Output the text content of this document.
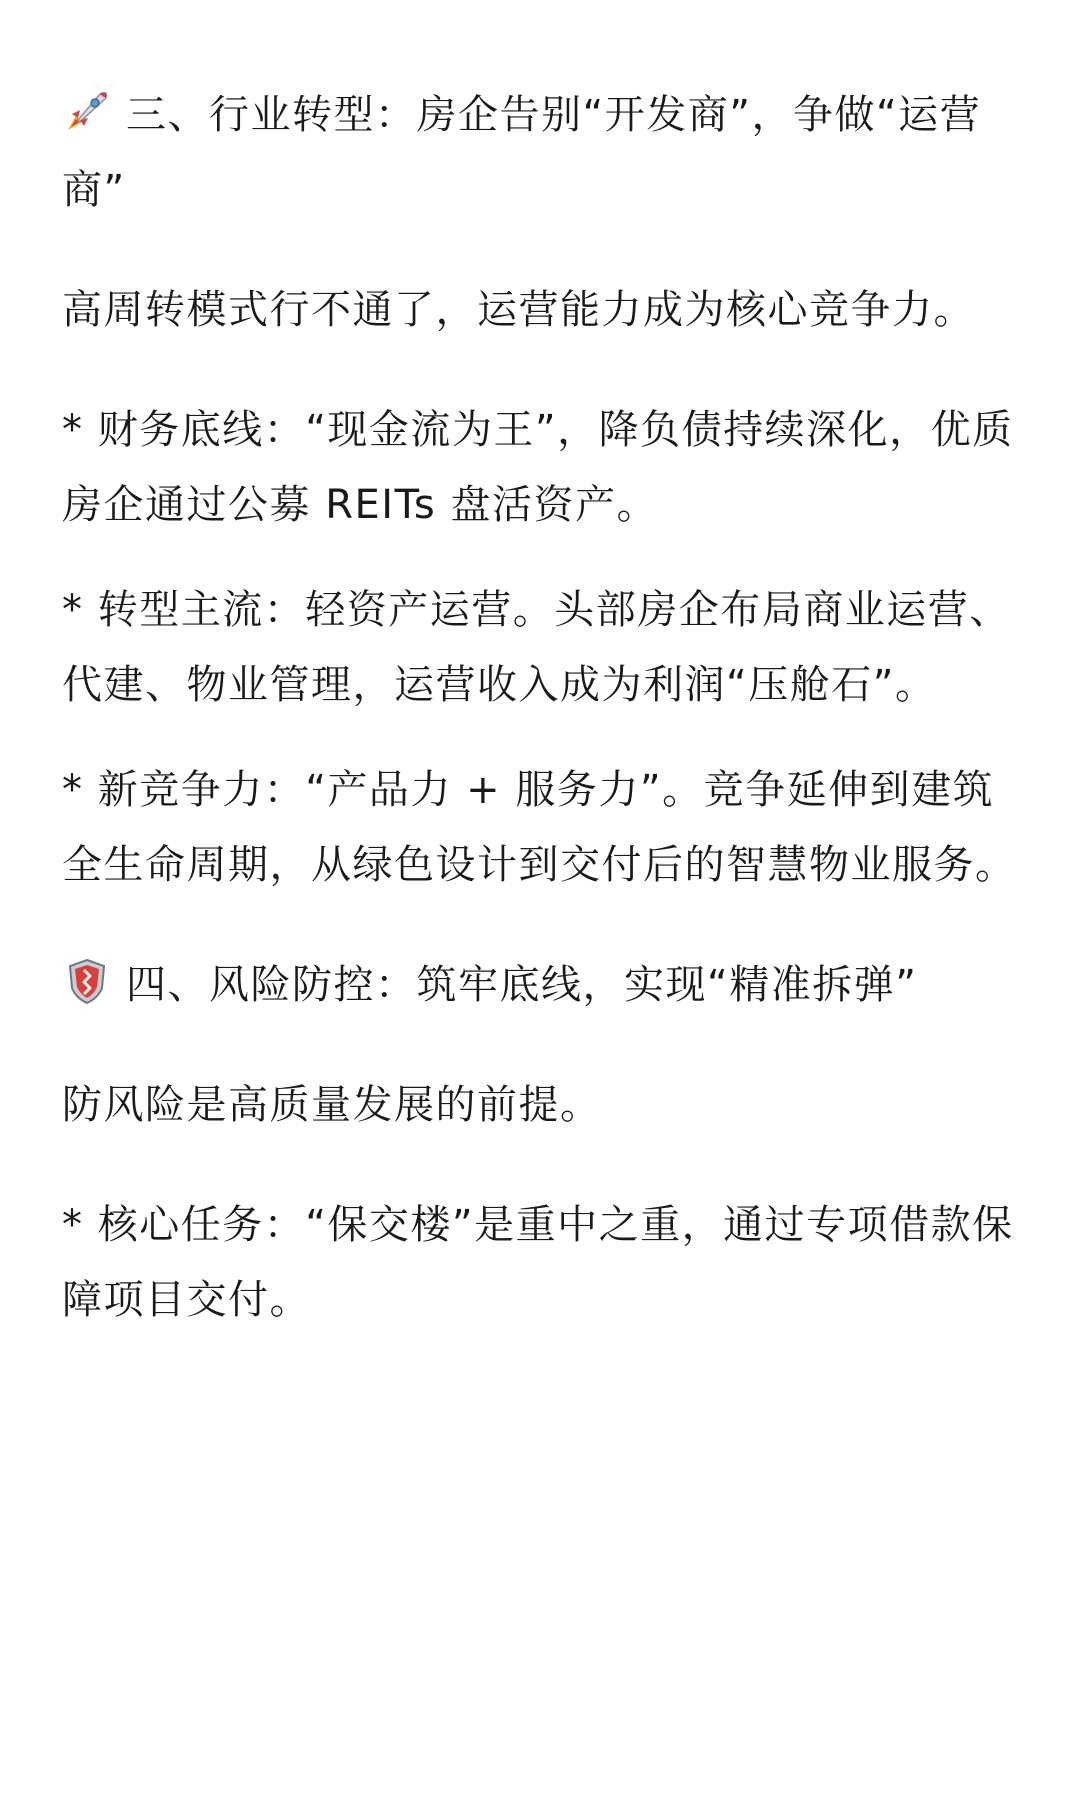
三、行业转型：房企告别“开发商”，争做“运营商”

高周转模式行不通了，运营能力成为核心竞争力。

* 财务底线：“现金流为王”，降负债持续深化，优质房企通过公募 REITs 盘活资产。

* 转型主流：轻资产运营。头部房企布局商业运营、代建、物业管理，运营收入成为利润“压舱石”。

* 新竞争力：“产品力 + 服务力”。竞争延伸到建筑全生命周期，从绿色设计到交付后的智慧物业服务。

四、风险防控：筑牢底线，实现“精准拆弹”

防风险是高质量发展的前提。

* 核心任务：“保交楼”是重中之重，通过专项借款保障项目交付。
